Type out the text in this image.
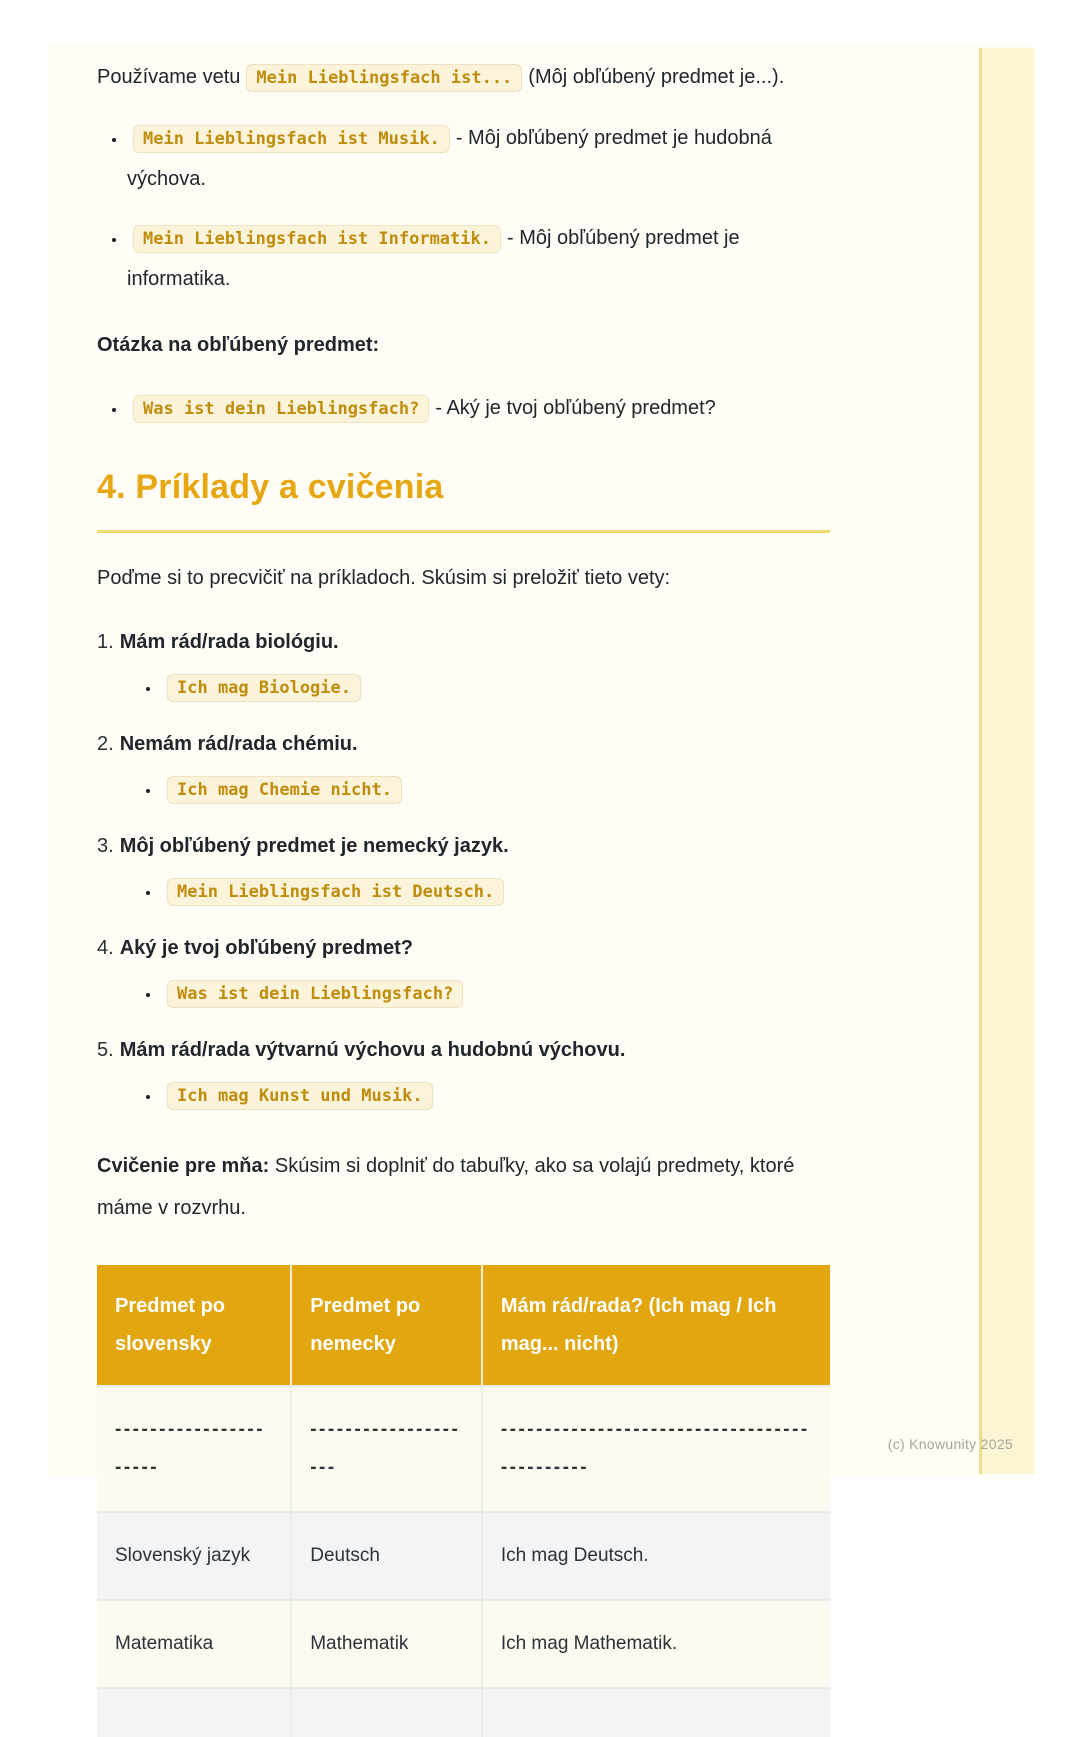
Používame vetu Mein Lieblingsfach ist... (Môj obľúbený predmet je...).

• Mein Lieblingsfach ist Musik. - Môj obľúbený predmet je hudobná výchova.
• Mein Lieblingsfach ist Informatik. - Môj obľúbený predmet je informatika.

Otázka na obľúbený predmet:

• Was ist dein Lieblingsfach? - Aký je tvoj obľúbený predmet?
4. Príklady a cvičenia

Poďme si to precvičiť na príkladoch. Skúsim si preložiť tieto vety:

1. Mám rád/rada biológiu.
• Ich mag Biologie.
2. Nemám rád/rada chémiu.
• Ich mag Chemie nicht.
3. Môj obľúbený predmet je nemecký jazyk.
• Mein Lieblingsfach ist Deutsch.
4. Aký je tvoj obľúbený predmet?
• Was ist dein Lieblingsfach?
5. Mám rád/rada výtvarnú výchovu a hudobnú výchovu.
• Ich mag Kunst und Musik.

Cvičenie pre mňa: Skúsim si doplniť do tabuľky, ako sa volajú predmety, ktoré máme v rozvrhu.

Predmet po slovensky	Predmet po nemecky	Mám rád/rada? (Ich mag / Ich mag... nicht)
----------------------	--------------------	---------------------------------------------
Slovenský jazyk	Deutsch	Ich mag Deutsch.
Matematika	Mathematik	Ich mag Mathematik.

(c) Knowunity 2025
